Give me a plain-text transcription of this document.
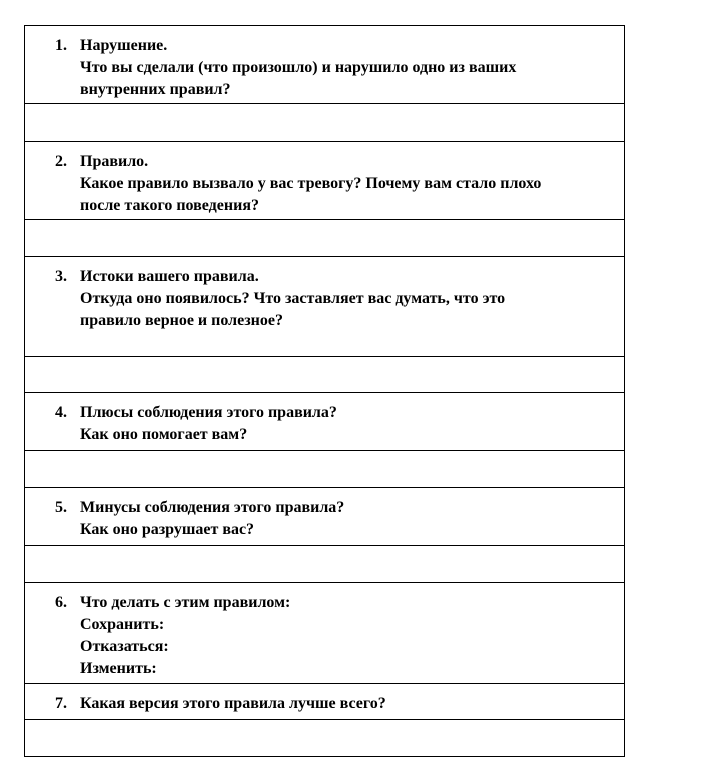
1. Нарушение.
Что вы сделали (что произошло) и нарушило одно из ваших
внутренних правил?

2. Правило.
Какое правило вызвало у вас тревогу? Почему вам стало плохо
после такого поведения?

3. Истоки вашего правила.
Откуда оно появилось? Что заставляет вас думать, что это
правило верное и полезное?

4. Плюсы соблюдения этого правила?
Как оно помогает вам?

5. Минусы соблюдения этого правила?
Как оно разрушает вас?

6. Что делать с этим правилом:
Сохранить:
Отказаться:
Изменить:

7. Какая версия этого правила лучше всего?
